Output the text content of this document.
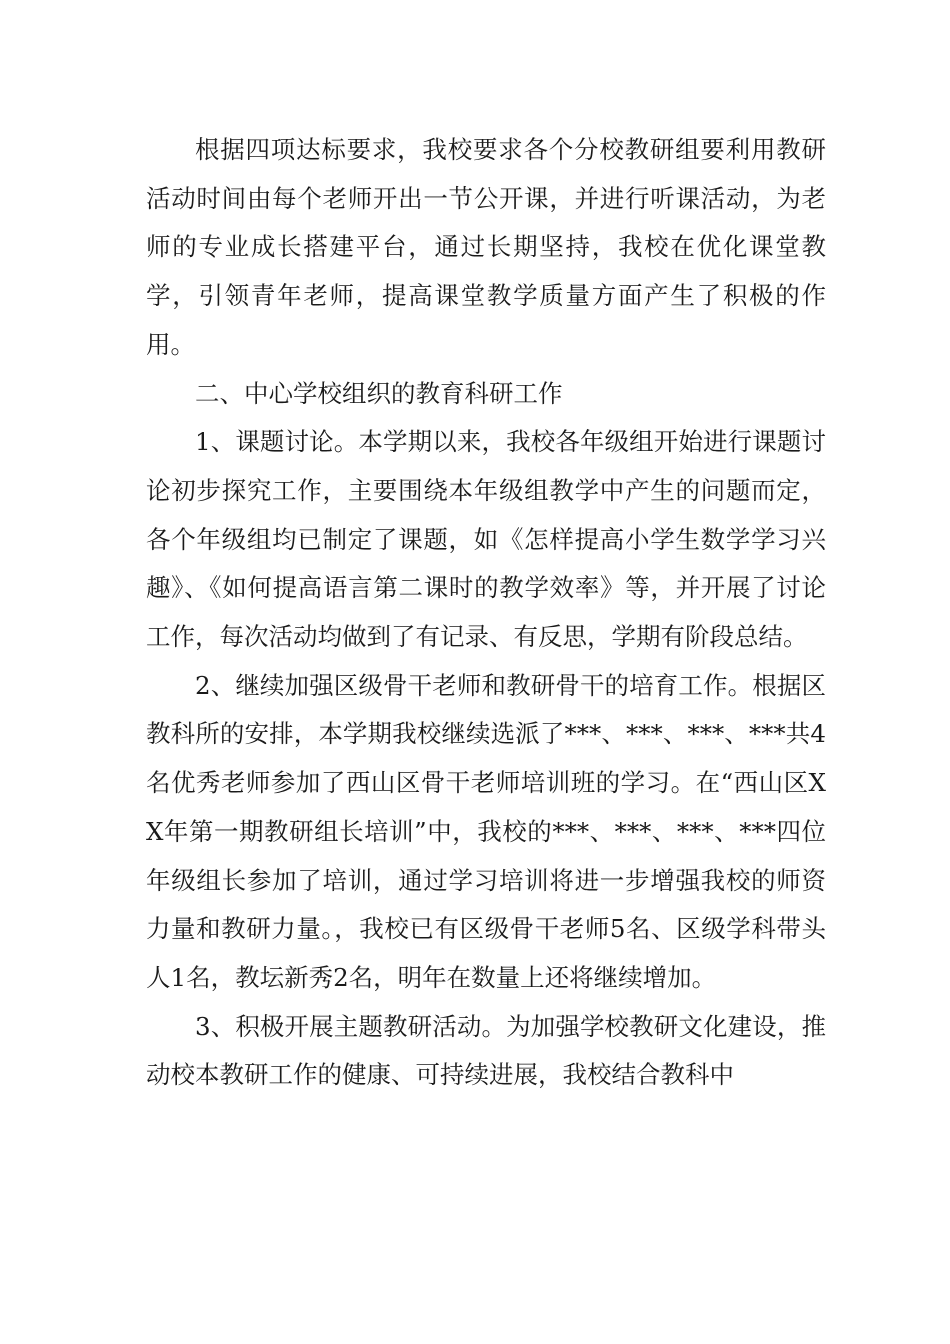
根据四项达标要求，我校要求各个分校教研组要利用教研活动时间由每个老师开出一节公开课，并进行听课活动，为老师的专业成长搭建平台，通过长期坚持，我校在优化课堂教学，引领青年老师，提高课堂教学质量方面产生了积极的作用。

二、中心学校组织的教育科研工作

1、课题讨论。本学期以来，我校各年级组开始进行课题讨论初步探究工作，主要围绕本年级组教学中产生的问题而定，各个年级组均已制定了课题，如《怎样提高小学生数学学习兴趣》、《如何提高语言第二课时的教学效率》等，并开展了讨论工作，每次活动均做到了有记录、有反思，学期有阶段总结。

2、继续加强区级骨干老师和教研骨干的培育工作。根据区教科所的安排，本学期我校继续选派了***、***、***、***共4名优秀老师参加了西山区骨干老师培训班的学习。在“西山区XX年第一期教研组长培训”中，我校的***、***、***、***四位年级组长参加了培训，通过学习培训将进一步增强我校的师资力量和教研力量。，我校已有区级骨干老师5名、区级学科带头人1名，教坛新秀2名，明年在数量上还将继续增加。

3、积极开展主题教研活动。为加强学校教研文化建设，推动校本教研工作的健康、可持续进展，我校结合教科中
